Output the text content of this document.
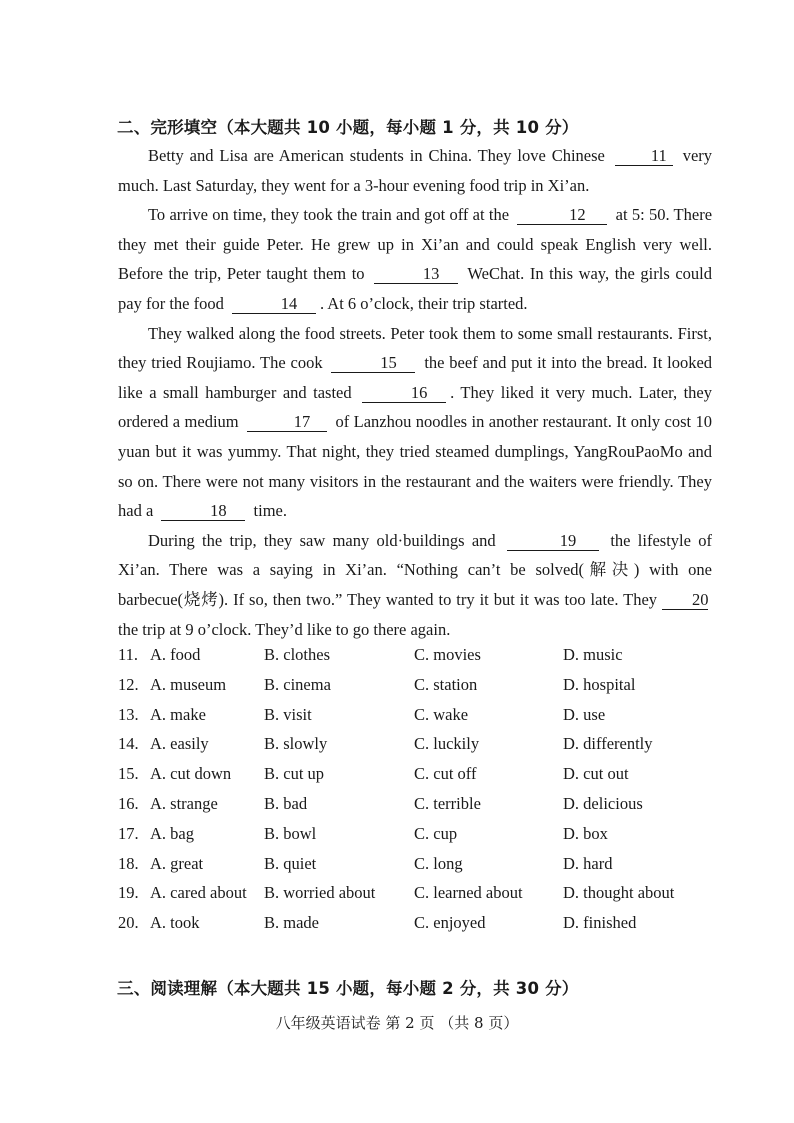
二、完形填空（本大题共 10 小题，每小题 1 分，共 10 分）

Betty and Lisa are American students in China. They love Chinese	11 very much. Last Saturday, they went for a 3-hour evening food trip in Xi’an.

To arrive on time, they took the train and got off at the	12 at 5: 50. There they met their guide Peter. He grew up in Xi’an and could speak English very well. Before the trip, Peter taught them to	13 WeChat. In this way, the girls could pay for the food	14 . At 6 o’clock, their trip started.

They walked along the food streets. Peter took them to some small restaurants. First, they tried Roujiamo. The cook	15 the beef and put it into the bread. It looked like a small hamburger and tasted	16 . They liked it very much. Later, they ordered a medium	17 of Lanzhou noodles in another restaurant. It only cost 10 yuan but it was yummy. That night, they tried steamed dumplings, YangRouPaoMo and so on. There were not many visitors in the restaurant and the waiters were friendly. They had a	18 time.

During the trip, they saw many old·buildings and	19 the lifestyle of Xi’an. There was a saying in Xi’an. “Nothing can’t be solved(解决) with one barbecue(烧烤). If so, then two.” They wanted to try it but it was too late. They 20 the trip at 9 o’clock. They’d like to go there again.

11. A. food	B. clothes	C. movies	D. music
12. A. museum B. cinema	C. station	D. hospital
13. A. make	B. visit	C. wake	D. use
14. A. easily	B. slowly	C. luckily	D. differently
15. A. cut down B. cut up	C. cut off	D. cut out
16. A. strange	B. bad	C. terrible	D. delicious
17. A. bag	B. bowl	C. cup	D. box
18. A. great	B. quiet	C. long	D. hard
19. A. cared about B. worried about C. learned about D. thought about
20. A. took	B. made	C. enjoyed	D. finished
三、阅读理解（本大题共 15 小题，每小题 2 分，共 30 分）
八年级英语试卷 第 2 页 （共 8 页）
